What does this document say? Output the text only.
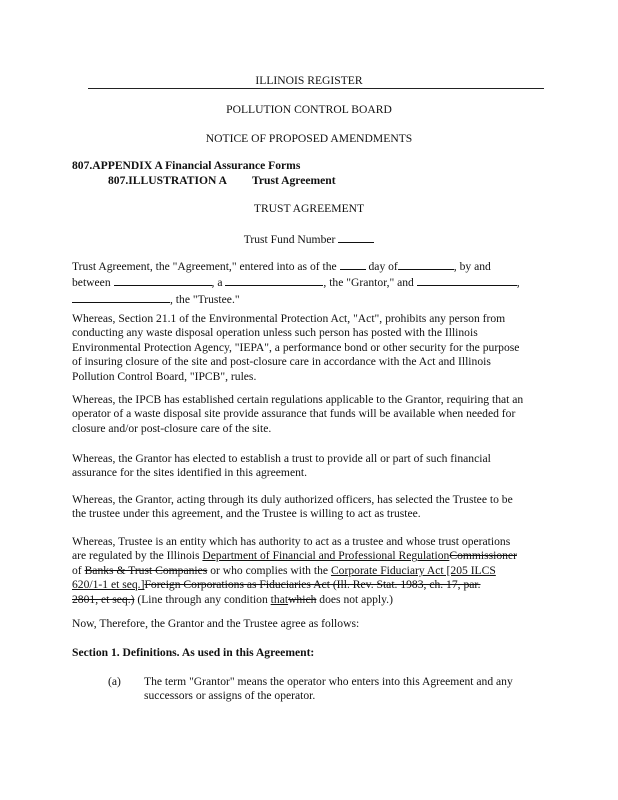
ILLINOIS REGISTER
POLLUTION CONTROL BOARD
NOTICE OF PROPOSED AMENDMENTS
807.APPENDIX A Financial Assurance Forms
807.ILLUSTRATION A Trust Agreement
TRUST AGREEMENT
Trust Fund Number
Trust Agreement, the "Agreement," entered into as of the	day of	, by and
between	, a	, the "Grantor," and	,
, the "Trustee."
Whereas, Section 21.1 of the Environmental Protection Act, "Act", prohibits any person from
conducting any waste disposal operation unless such person has posted with the Illinois
Environmental Protection Agency, "IEPA", a performance bond or other security for the purpose
of insuring closure of the site and post-closure care in accordance with the Act and Illinois
Pollution Control Board, "IPCB", rules.
Whereas, the IPCB has established certain regulations applicable to the Grantor, requiring that an
operator of a waste disposal site provide assurance that funds will be available when needed for
closure and/or post-closure care of the site.
Whereas, the Grantor has elected to establish a trust to provide all or part of such financial
assurance for the sites identified in this agreement.
Whereas, the Grantor, acting through its duly authorized officers, has selected the Trustee to be
the trustee under this agreement, and the Trustee is willing to act as trustee.
Whereas, Trustee is an entity which has authority to act as a trustee and whose trust operations
are regulated by the Illinois Department of Financial and Professional RegulationCommissioner
of Banks & Trust Companies or who complies with the Corporate Fiduciary Act [205 ILCS
620/1-1 et seq.]Foreign Corporations as Fiduciaries Act (Ill. Rev. Stat. 1983, ch. 17, par.
2801, et seq.) (Line through any condition thatwhich does not apply.)
Now, Therefore, the Grantor and the Trustee agree as follows:
Section 1. Definitions. As used in this Agreement:
(a) The term "Grantor" means the operator who enters into this Agreement and any
successors or assigns of the operator.
